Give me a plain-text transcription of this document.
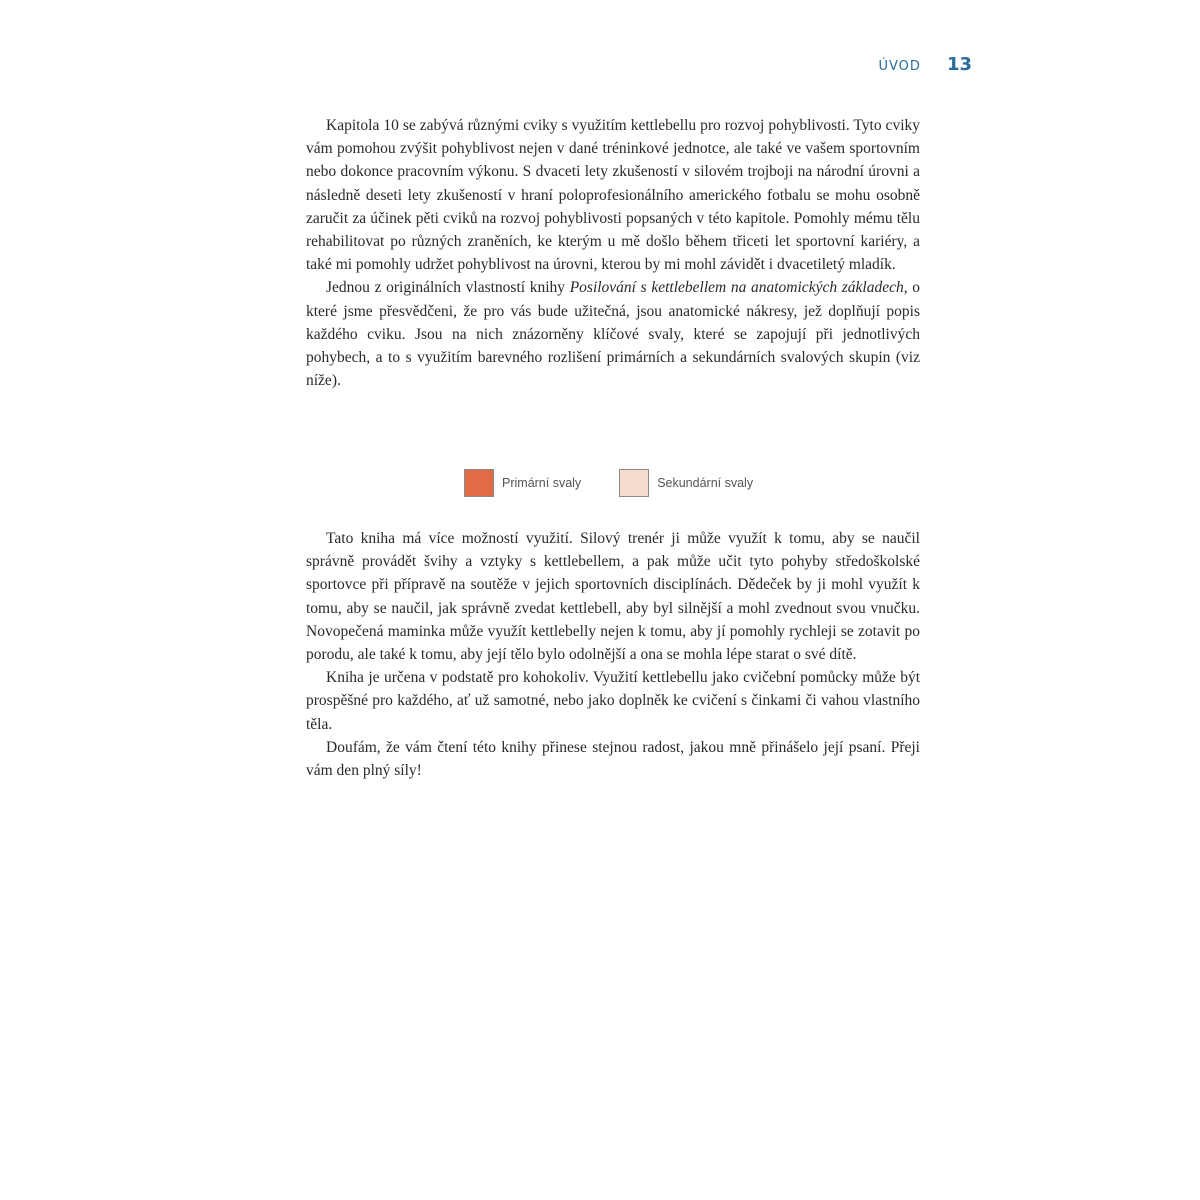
ÚVOD 13

Kapitola 10 se zabývá různými cviky s využitím kettlebellu pro rozvoj pohyblivosti. Tyto cviky vám pomohou zvýšit pohyblivost nejen v dané tréninkové jednotce, ale také ve vašem sportovním nebo dokonce pracovním výkonu. S dvaceti lety zkušeností v silovém trojboji na národní úrovni a následně deseti lety zkušeností v hraní poloprofesionálního amerického fotbalu se mohu osobně zaručit za účinek pěti cviků na rozvoj pohyblivosti popsaných v této kapitole. Pomohly mému tělu rehabilitovat po různých zraněních, ke kterým u mě došlo během třiceti let sportovní kariéry, a také mi pomohly udržet pohyblivost na úrovni, kterou by mi mohl závidět i dvacetiletý mladík.

Jednou z originálních vlastností knihy Posilování s kettlebellem na anatomických základech, o které jsme přesvědčeni, že pro vás bude užitečná, jsou anatomické nákresy, jež doplňují popis každého cviku. Jsou na nich znázorněny klíčové svaly, které se zapojují při jednotlivých pohybech, a to s využitím barevného rozlišení primárních a sekundárních svalových skupin (viz níže).

Primární svaly	Sekundární svaly

Tato kniha má více možností využití. Silový trenér ji může využít k tomu, aby se naučil správně provádět švihy a vztyky s kettlebellem, a pak může učit tyto pohyby středoškolské sportovce při přípravě na soutěže v jejich sportovních disciplínách. Dědeček by ji mohl využít k tomu, aby se naučil, jak správně zvedat kettlebell, aby byl silnější a mohl zvednout svou vnučku. Novopečená maminka může využít kettlebelly nejen k tomu, aby jí pomohly rychleji se zotavit po porodu, ale také k tomu, aby její tělo bylo odolnější a ona se mohla lépe starat o své dítě.

Kniha je určena v podstatě pro kohokoliv. Využití kettlebellu jako cvičební pomůcky může být prospěšné pro každého, ať už samotné, nebo jako doplněk ke cvičení s činkami či vahou vlastního těla.

Doufám, že vám čtení této knihy přinese stejnou radost, jakou mně přinášelo její psaní. Přeji vám den plný síly!
